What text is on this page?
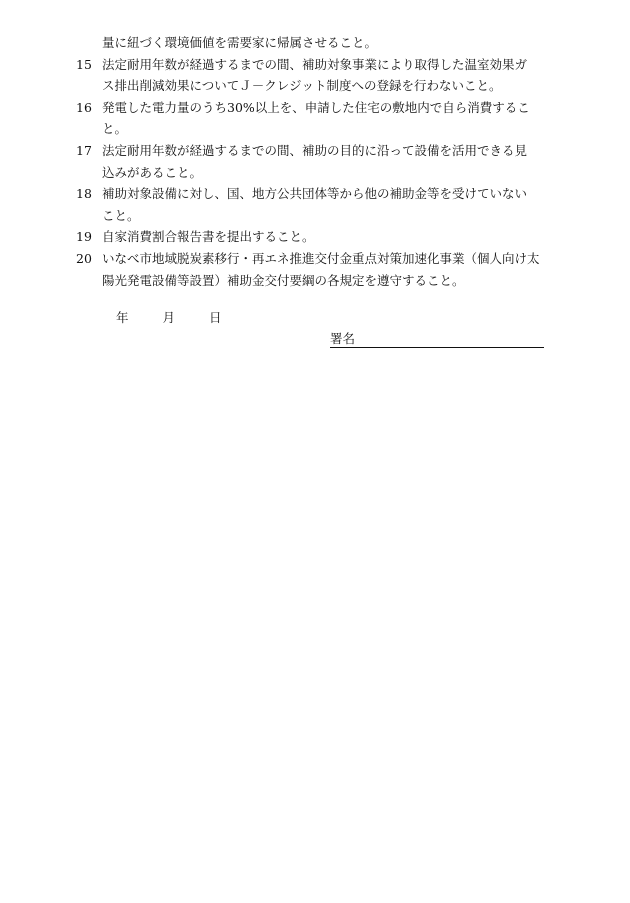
量に紐づく環境価値を需要家に帰属させること。
15 法定耐用年数が経過するまでの間、補助対象事業により取得した温室効果ガ
ス排出削減効果についてＪ－クレジット制度への登録を行わないこと。
16 発電した電力量のうち30%以上を、申請した住宅の敷地内で自ら消費するこ
と。
17 法定耐用年数が経過するまでの間、補助の目的に沿って設備を活用できる見
込みがあること。
18 補助対象設備に対し、国、地方公共団体等から他の補助金等を受けていない
こと。
19 自家消費割合報告書を提出すること。
20 いなべ市地域脱炭素移行・再エネ推進交付金重点対策加速化事業（個人向け太
陽光発電設備等設置）補助金交付要綱の各規定を遵守すること。
年	月	日
署名
